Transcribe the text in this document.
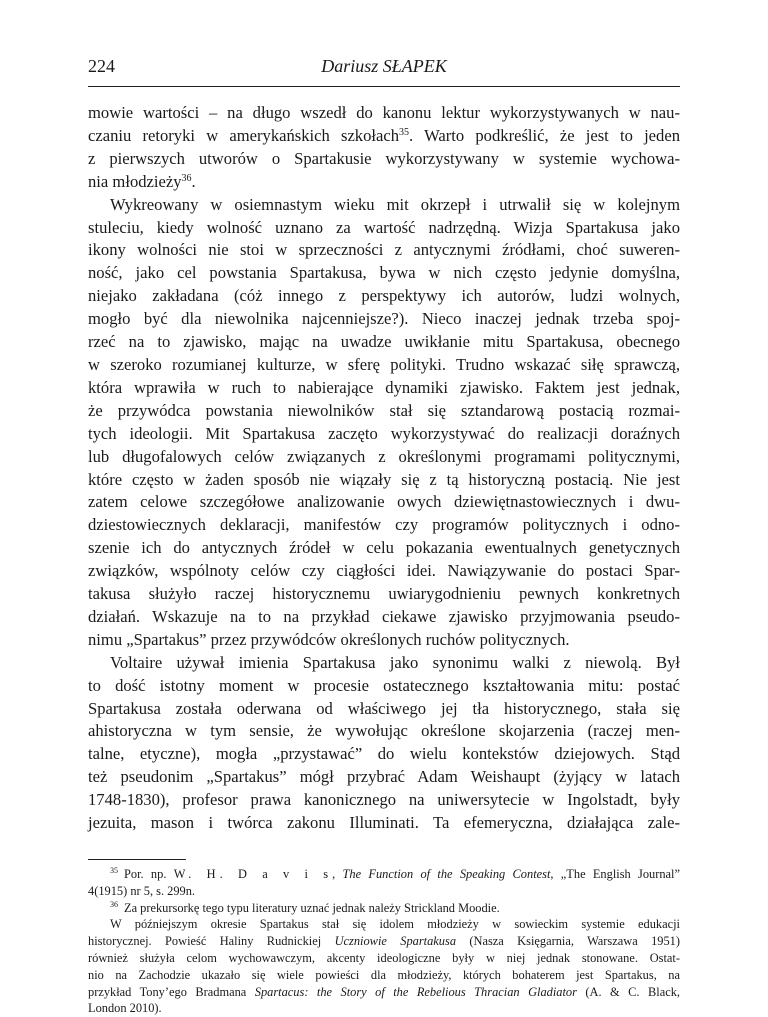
224	Dariusz SŁAPEK
mowie wartości – na długo wszedł do kanonu lektur wykorzystywanych w nau-
czaniu retoryki w amerykańskich szkołach$^{35}$. Warto podkreślić, że jest to jeden
z pierwszych utworów o Spartakusie wykorzystywany w systemie wychowa-
nia młodzieży$^{36}$.
Wykreowany w osiemnastym wieku mit okrzepł i utrwalił się w kolejnym
stuleciu, kiedy wolność uznano za wartość nadrzędną. Wizja Spartakusa jako
ikony wolności nie stoi w sprzeczności z antycznymi źródłami, choć suweren-
ność, jako cel powstania Spartakusa, bywa w nich często jedynie domyślna,
niejako zakładana (cóż innego z perspektywy ich autorów, ludzi wolnych,
mogło być dla niewolnika najcenniejsze?). Nieco inaczej jednak trzeba spoj-
rzeć na to zjawisko, mając na uwadze uwikłanie mitu Spartakusa, obecnego
w szeroko rozumianej kulturze, w sferę polityki. Trudno wskazać siłę sprawczą,
która wprawiła w ruch to nabierające dynamiki zjawisko. Faktem jest jednak,
że przywódca powstania niewolników stał się sztandarową postacią rozmai-
tych ideologii. Mit Spartakusa zaczęto wykorzystywać do realizacji doraźnych
lub długofalowych celów związanych z określonymi programami politycznymi,
które często w żaden sposób nie wiązały się z tą historyczną postacią. Nie jest
zatem celowe szczegółowe analizowanie owych dziewiętnastowiecznych i dwu-
dziestowiecznych deklaracji, manifestów czy programów politycznych i odno-
szenie ich do antycznych źródeł w celu pokazania ewentualnych genetycznych
związków, wspólnoty celów czy ciągłości idei. Nawiązywanie do postaci Spar-
takusa służyło raczej historycznemu uwiarygodnieniu pewnych konkretnych
działań. Wskazuje na to na przykład ciekawe zjawisko przyjmowania pseudo-
nimu „Spartakus” przez przywódców określonych ruchów politycznych.
Voltaire używał imienia Spartakusa jako synonimu walki z niewolą. Był
to dość istotny moment w procesie ostatecznego kształtowania mitu: postać
Spartakusa została oderwana od właściwego jej tła historycznego, stała się
ahistoryczna w tym sensie, że wywołując określone skojarzenia (raczej men-
talne, etyczne), mogła „przystawać” do wielu kontekstów dziejowych. Stąd
też pseudonim „Spartakus” mógł przybrać Adam Weishaupt (żyjący w latach
1748-1830), profesor prawa kanonicznego na uniwersytecie w Ingolstadt, były
jezuita, mason i twórca zakonu Illuminati. Ta efemeryczna, działająca zale-
$^{35}$ Por. np. W. H. D a v i s, The Function of the Speaking Contest, „The English Journal”
4(1915) nr 5, s. 299n.
$^{36}$ Za prekursorkę tego typu literatury uznać jednak należy Strickland Moodie.
W późniejszym okresie Spartakus stał się idolem młodzieży w sowieckim systemie edukacji
historycznej. Powieść Haliny Rudnickiej Uczniowie Spartakusa (Nasza Księgarnia, Warszawa 1951)
również służyła celom wychowawczym, akcenty ideologiczne były w niej jednak stonowane. Ostat-
nio na Zachodzie ukazało się wiele powieści dla młodzieży, których bohaterem jest Spartakus, na
przykład Tony’ego Bradmana Spartacus: the Story of the Rebelious Thracian Gladiator (A. & C. Black,
London 2010).
